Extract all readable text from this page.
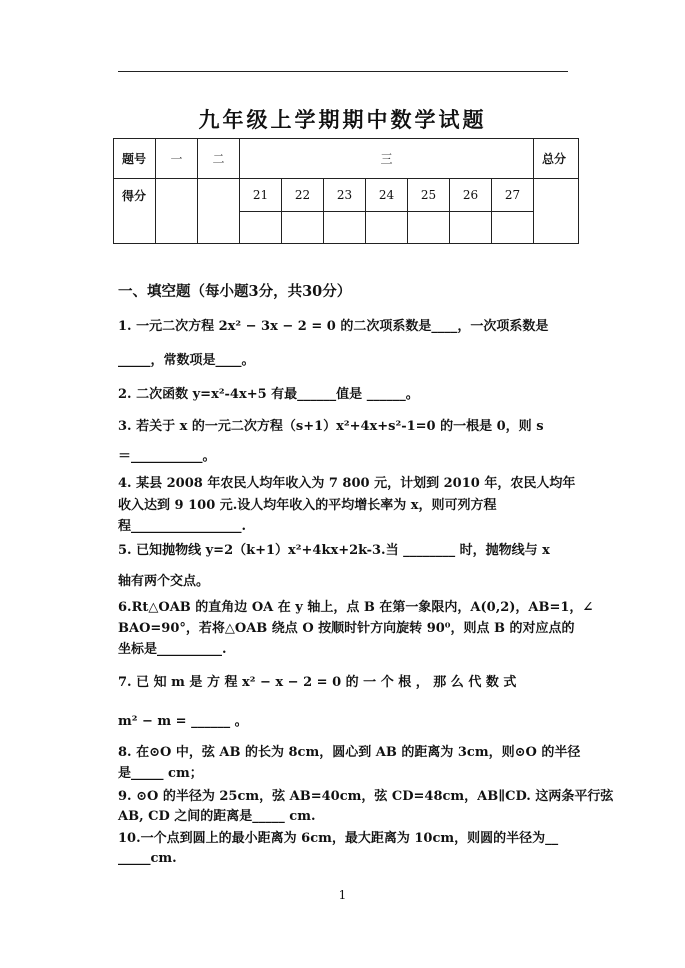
九年级上学期期中数学试题
题号	一	二	三							总分
得分			21	22	23	24	25	26	27	

一、填空题（每小题3分，共30分）
1. 一元二次方程 2x² − 3x − 2 = 0 的二次项系数是____，一次项系数是
_____，常数项是____。
2. 二次函数 y=x²-4x+5 有最______值是 ______。
3. 若关于 x 的一元二次方程（s+1）x²+4x+s²-1=0 的一根是 0，则 s
＝___________。
4. 某县 2008 年农民人均年收入为 7 800 元，计划到 2010 年，农民人均年
收入达到 9 100 元.设人均年收入的平均增长率为 x，则可列方程
程_________________.
5. 已知抛物线 y=2（k+1）x²+4kx+2k-3.当 ________ 时，抛物线与 x
轴有两个交点。
6.Rt△OAB 的直角边 OA 在 y 轴上，点 B 在第一象限内，A(0,2)，AB=1，∠
BAO=90°，若将△OAB 绕点 O 按顺时针方向旋转 90⁰，则点 B 的对应点的
坐标是__________.
7. 已 知 m 是 方 程 x² − x − 2 = 0 的 一 个 根 ， 那 么 代 数 式
m² − m = ______ 。
8. 在⊙O 中，弦 AB 的长为 8cm，圆心到 AB 的距离为 3cm，则⊙O 的半径
是_____ cm；
9. ⊙O 的半径为 25cm，弦 AB=40cm，弦 CD=48cm，AB∥CD. 这两条平行弦
AB, CD 之间的距离是_____ cm.
10.一个点到圆上的最小距离为 6cm，最大距离为 10cm，则圆的半径为__
_____cm.
1
